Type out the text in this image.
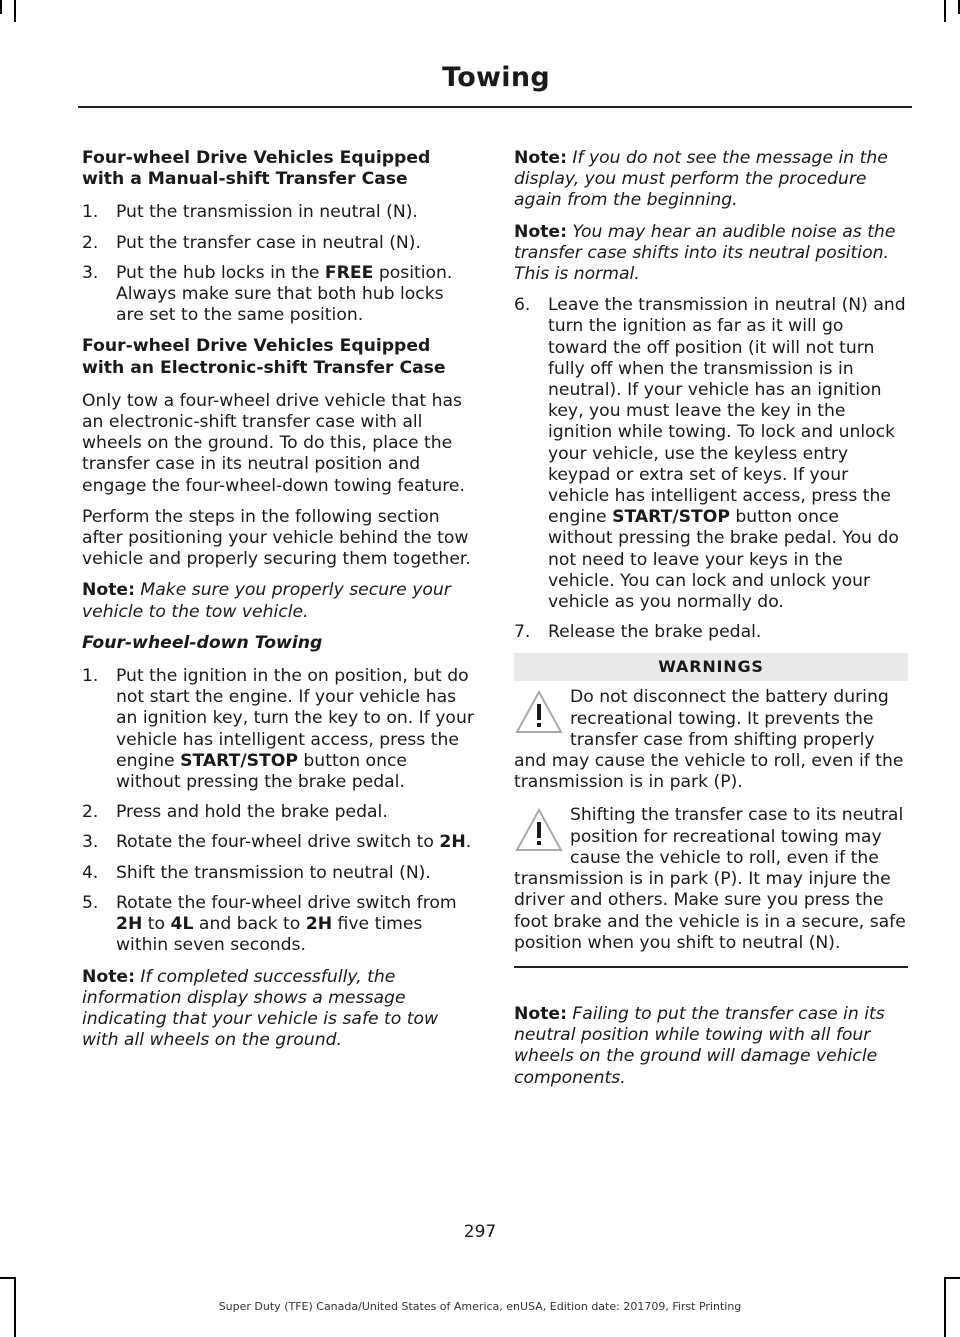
Towing
Four-wheel Drive Vehicles Equipped with a Manual-shift Transfer Case
1. Put the transmission in neutral (N).
2. Put the transfer case in neutral (N).
3. Put the hub locks in the FREE position. Always make sure that both hub locks are set to the same position.
Four-wheel Drive Vehicles Equipped with an Electronic-shift Transfer Case

Only tow a four-wheel drive vehicle that has an electronic-shift transfer case with all wheels on the ground. To do this, place the transfer case in its neutral position and engage the four-wheel-down towing feature.

Perform the steps in the following section after positioning your vehicle behind the tow vehicle and properly securing them together.

Note: Make sure you properly secure your vehicle to the tow vehicle.

Four-wheel-down Towing
1. Put the ignition in the on position, but do not start the engine. If your vehicle has an ignition key, turn the key to on. If your vehicle has intelligent access, press the engine START/STOP button once without pressing the brake pedal.
2. Press and hold the brake pedal.
3. Rotate the four-wheel drive switch to 2H.
4. Shift the transmission to neutral (N).
5. Rotate the four-wheel drive switch from 2H to 4L and back to 2H five times within seven seconds.

Note: If completed successfully, the information display shows a message indicating that your vehicle is safe to tow with all wheels on the ground.

Note: If you do not see the message in the display, you must perform the procedure again from the beginning.

Note: You may hear an audible noise as the transfer case shifts into its neutral position. This is normal.

6. Leave the transmission in neutral (N) and turn the ignition as far as it will go toward the off position (it will not turn fully off when the transmission is in neutral). If your vehicle has an ignition key, you must leave the key in the ignition while towing. To lock and unlock your vehicle, use the keyless entry keypad or extra set of keys. If your vehicle has intelligent access, press the engine START/STOP button once without pressing the brake pedal. You do not need to leave your keys in the vehicle. You can lock and unlock your vehicle as you normally do.
7. Release the brake pedal.
WARNINGS
Do not disconnect the battery during recreational towing. It prevents the transfer case from shifting properly and may cause the vehicle to roll, even if the transmission is in park (P).
Shifting the transfer case to its neutral position for recreational towing may cause the vehicle to roll, even if the transmission is in park (P). It may injure the driver and others. Make sure you press the foot brake and the vehicle is in a secure, safe position when you shift to neutral (N).

Note: Failing to put the transfer case in its neutral position while towing with all four wheels on the ground will damage vehicle components.

297
Super Duty (TFE) Canada/United States of America, enUSA, Edition date: 201709, First Printing
